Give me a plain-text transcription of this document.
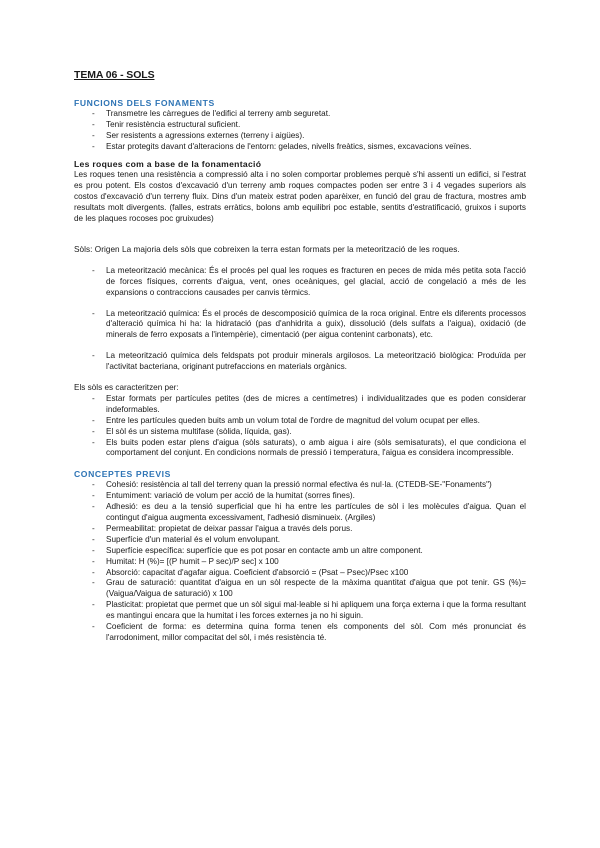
TEMA 06 - SOLS
FUNCIONS DELS FONAMENTS
- Transmetre les càrregues de l'edifici al terreny amb seguretat.
- Tenir resistència estructural suficient.
- Ser resistents a agressions externes (terreny i aigües).
- Estar protegits davant d'alteracions de l'entorn: gelades, nivells freàtics, sismes, excavacions veïnes.
Les roques com a base de la fonamentació

Les roques tenen una resistència a compressió alta i no solen comportar problemes perquè s'hi assenti un edifici, si l'estrat es prou potent. Els costos d'excavació d'un terreny amb roques compactes poden ser entre 3 i 4 vegades superiors als costos d'excavació d'un terreny fluix. Dins d'un mateix estrat poden aparèixer, en funció del grau de fractura, mostres amb resultats molt divergents. (falles, estrats erràtics, bolons amb equilibri poc estable, sentits d'estratificació, gruixos i suports de les plaques rocoses poc gruixudes)

Sòls: Origen La majoria dels sòls que cobreixen la terra estan formats per la meteorització de les roques.

- La meteorització mecànica: És el procés pel qual les roques es fracturen en peces de mida més petita sota l'acció de forces físiques, corrents d'aigua, vent, ones oceàniques, gel glacial, acció de congelació a més de les expansions o contraccions causades per canvis tèrmics.
- La meteorització química: És el procés de descomposició química de la roca original. Entre els diferents processos d'alteració química hi ha: la hidratació (pas d'anhidrita a guix), dissolució (dels sulfats a l'aigua), oxidació (de minerals de ferro exposats a l'intempèrie), cimentació (per aigua contenint carbonats), etc.
- La meteorització química dels feldspats pot produir minerals argilosos. La meteorització biològica: Produïda per l'activitat bacteriana, originant putrefaccions en materials orgànics.

Els sòls es caracteritzen per:

- Estar formats per partícules petites (des de micres a centímetres) i individualitzades que es poden considerar indeformables.
- Entre les partícules queden buits amb un volum total de l'ordre de magnitud del volum ocupat per elles.
- El sòl és un sistema multifase (sòlida, líquida, gas).
- Els buits poden estar plens d'aigua (sòls saturats), o amb aigua i aire (sòls semisaturats), el que condiciona el comportament del conjunt. En condicions normals de pressió i temperatura, l'aigua es considera incompressible.
CONCEPTES PREVIS
- Cohesió: resistència al tall del terreny quan la pressió normal efectiva és nul·la. (CTEDB-SE-"Fonaments")
- Entumiment: variació de volum per acció de la humitat (sorres fines).
- Adhesió: es deu a la tensió superficial que hi ha entre les partícules de sòl i les molècules d'aigua. Quan el contingut d'aigua augmenta excessivament, l'adhesió disminueix. (Argiles)
- Permeabilitat: propietat de deixar passar l'aigua a través dels porus.
- Superfície d'un material és el volum envolupant.
- Superfície específica: superfície que es pot posar en contacte amb un altre component.
- Humitat: H (%)= [(P humit – P sec)/P sec] x 100
- Absorció: capacitat d'agafar aigua. Coeficient d'absorció = (Psat – Psec)/Psec x100
- Grau de saturació: quantitat d'aigua en un sòl respecte de la màxima quantitat d'aigua que pot tenir. GS (%)= (Vaigua/Vaigua de saturació) x 100
- Plasticitat: propietat que permet que un sòl sigui mal·leable si hi apliquem una força externa i que la forma resultant es mantingui encara que la humitat i les forces externes ja no hi siguin.
- Coeficient de forma: es determina quina forma tenen els components del sòl. Com més pronunciat és l'arrodoniment, millor compacitat del sòl, i més resistència té.
